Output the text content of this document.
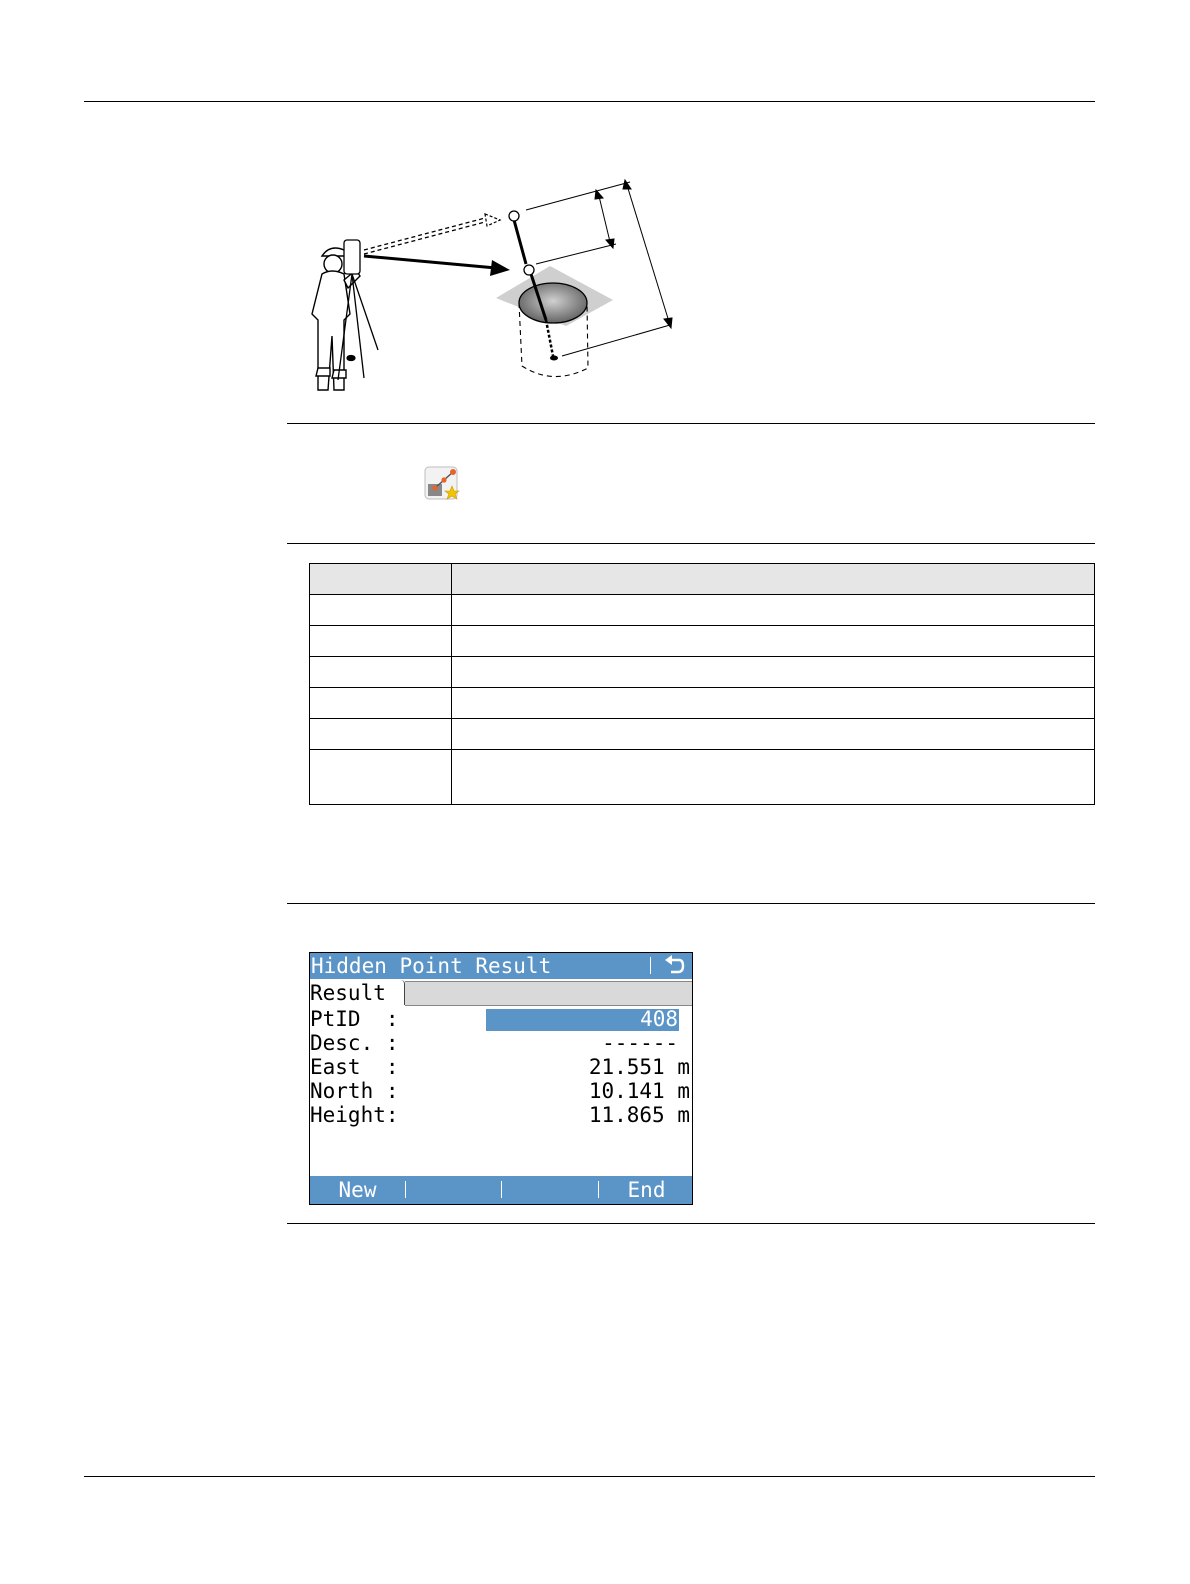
Hidden Point Result
Result
PtID  :	408
Desc. :	------
East  :	21.551 m
North :	10.141 m
Height:	11.865 m
New	End
